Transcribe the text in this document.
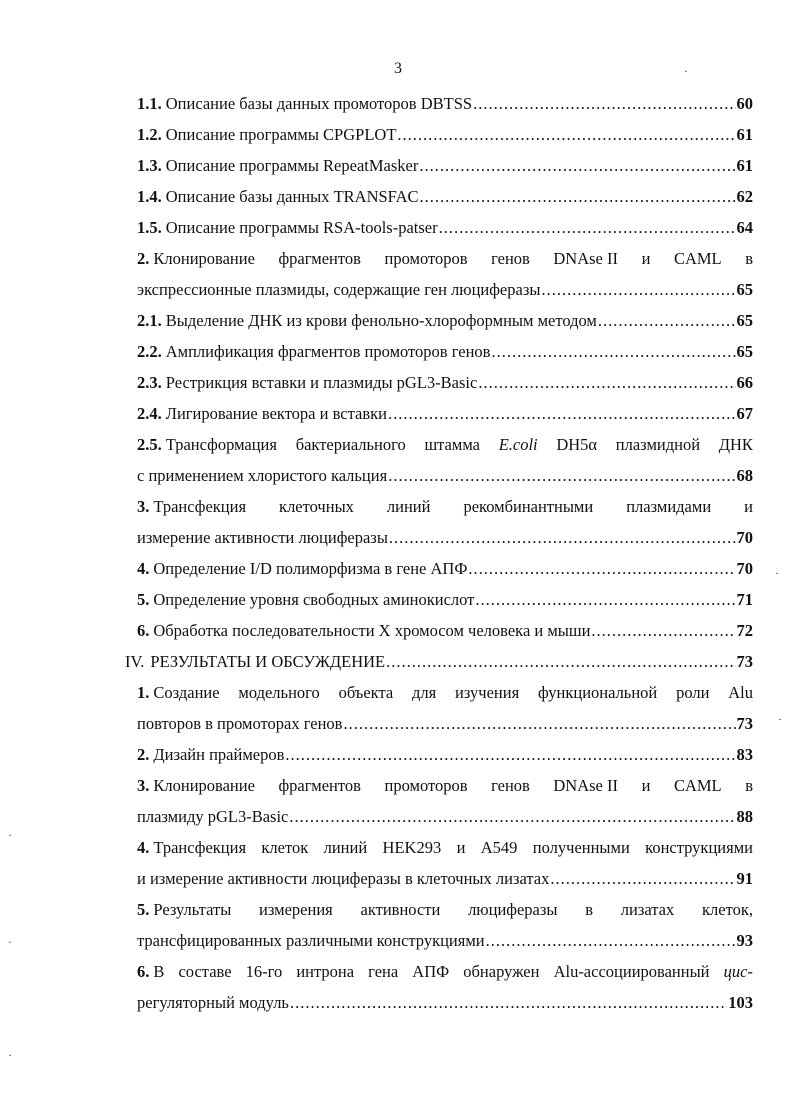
3
1.1. Описание базы данных промоторов DBTSS .....	60
1.2. Описание программы CPGPLOT .....	61
1.3. Описание программы RepeatMasker .....	61
1.4. Описание базы данных TRANSFAC .....	62
1.5. Описание программы RSA-tools-patser .....	64
2. Клонирование фрагментов промоторов генов DNAse II и CAML в
экспрессионные плазмиды, содержащие ген люциферазы .....	65
2.1. Выделение ДНК из крови фенольно-хлороформным методом .....	65
2.2. Амплификация фрагментов промоторов генов .....	65
2.3. Рестрикция вставки и плазмиды pGL3-Basic .....	66
2.4. Лигирование вектора и вставки .....	67
2.5. Трансформация бактериального штамма E.coli DH5α плазмидной ДНК
с применением хлористого кальция .....	68
3. Трансфекция клеточных линий рекомбинантными плазмидами и
измерение активности люциферазы .....	70
4. Определение I/D полиморфизма в гене АПФ .....	70
5. Определение уровня свободных аминокислот .....	71
6. Обработка последовательности X хромосом человека и мыши .....	72
IV. РЕЗУЛЬТАТЫ И ОБСУЖДЕНИЕ .....	73
1. Создание модельного объекта для изучения функциональной роли Alu
повторов в промоторах генов .....	73
2. Дизайн праймеров .....	83
3. Клонирование фрагментов промоторов генов DNAse II и CAML в
плазмиду pGL3-Basic .....	88
4. Трансфекция клеток линий HEK293 и A549 полученными конструкциями
и измерение активности люциферазы в клеточных лизатах .....	91
5. Результаты измерения активности люциферазы в лизатах клеток,
трансфицированных различными конструкциями .....	93
6. В составе 16-го интрона гена АПФ обнаружен Alu-ассоциированный цис-
регуляторный модуль .....	103
·
·
·
·
·
·
